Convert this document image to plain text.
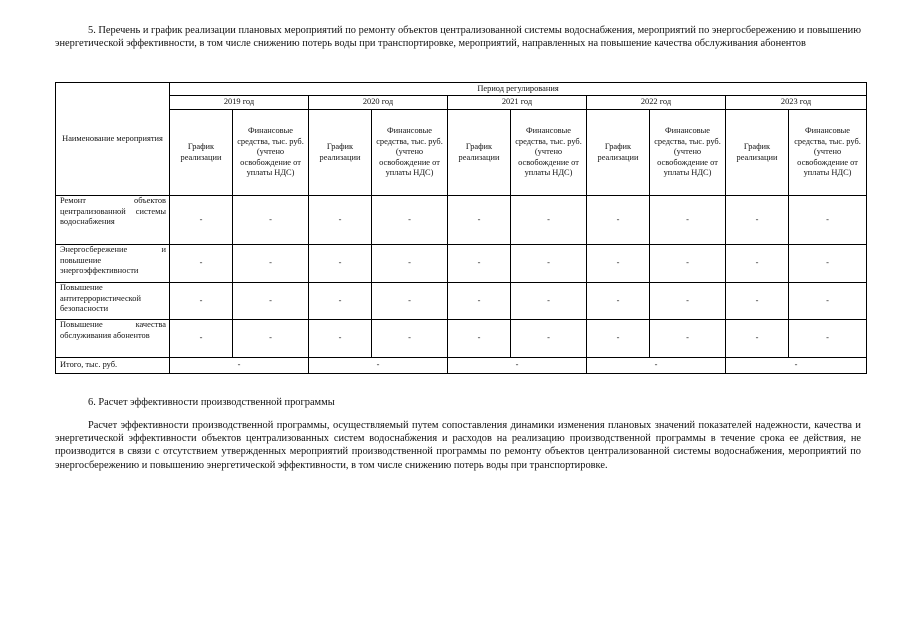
5. Перечень и график реализации плановых мероприятий по ремонту объектов централизованной системы водоснабжения, мероприятий по энергосбережению и повышению энергетической эффективности, в том числе снижению потерь воды при транспортировке, мероприятий, направленных на повышение качества обслуживания абонентов

Наименование мероприятия	Период регулирования									
	2019 год		2020 год		2021 год		2022 год		2023 год	
	График реализации	Финансовые средства, тыс. руб. (учтено освобождение от уплаты НДС)	График реализации	Финансовые средства, тыс. руб. (учтено освобождение от уплаты НДС)	График реализации	Финансовые средства, тыс. руб. (учтено освобождение от уплаты НДС)	График реализации	Финансовые средства, тыс. руб. (учтено освобождение от уплаты НДС)	График реализации	Финансовые средства, тыс. руб. (учтено освобождение от уплаты НДС)
Ремонт объектов централизованной системы водоснабжения	-	-	-	-	-	-	-	-	-	-
Энергосбережение и повышение энергоэффективности	-	-	-	-	-	-	-	-	-	-
Повышение антитеррористической безопасности	-	-	-	-	-	-	-	-	-	-
Повышение качества обслуживания абонентов	-	-	-	-	-	-	-	-	-	-
Итого, тыс. руб.	-		-		-		-		-	

6. Расчет эффективности производственной программы

Расчет эффективности производственной программы, осуществляемый путем сопоставления динамики изменения плановых значений показателей надежности, качества и энергетической эффективности объектов централизованных систем водоснабжения и расходов на реализацию производственной программы в течение срока ее действия, не производится в связи с отсутствием утвержденных мероприятий производственной программы по ремонту объектов централизованной системы водоснабжения, мероприятий по энергосбережению и повышению энергетической эффективности, в том числе снижению потерь воды при транспортировке.
